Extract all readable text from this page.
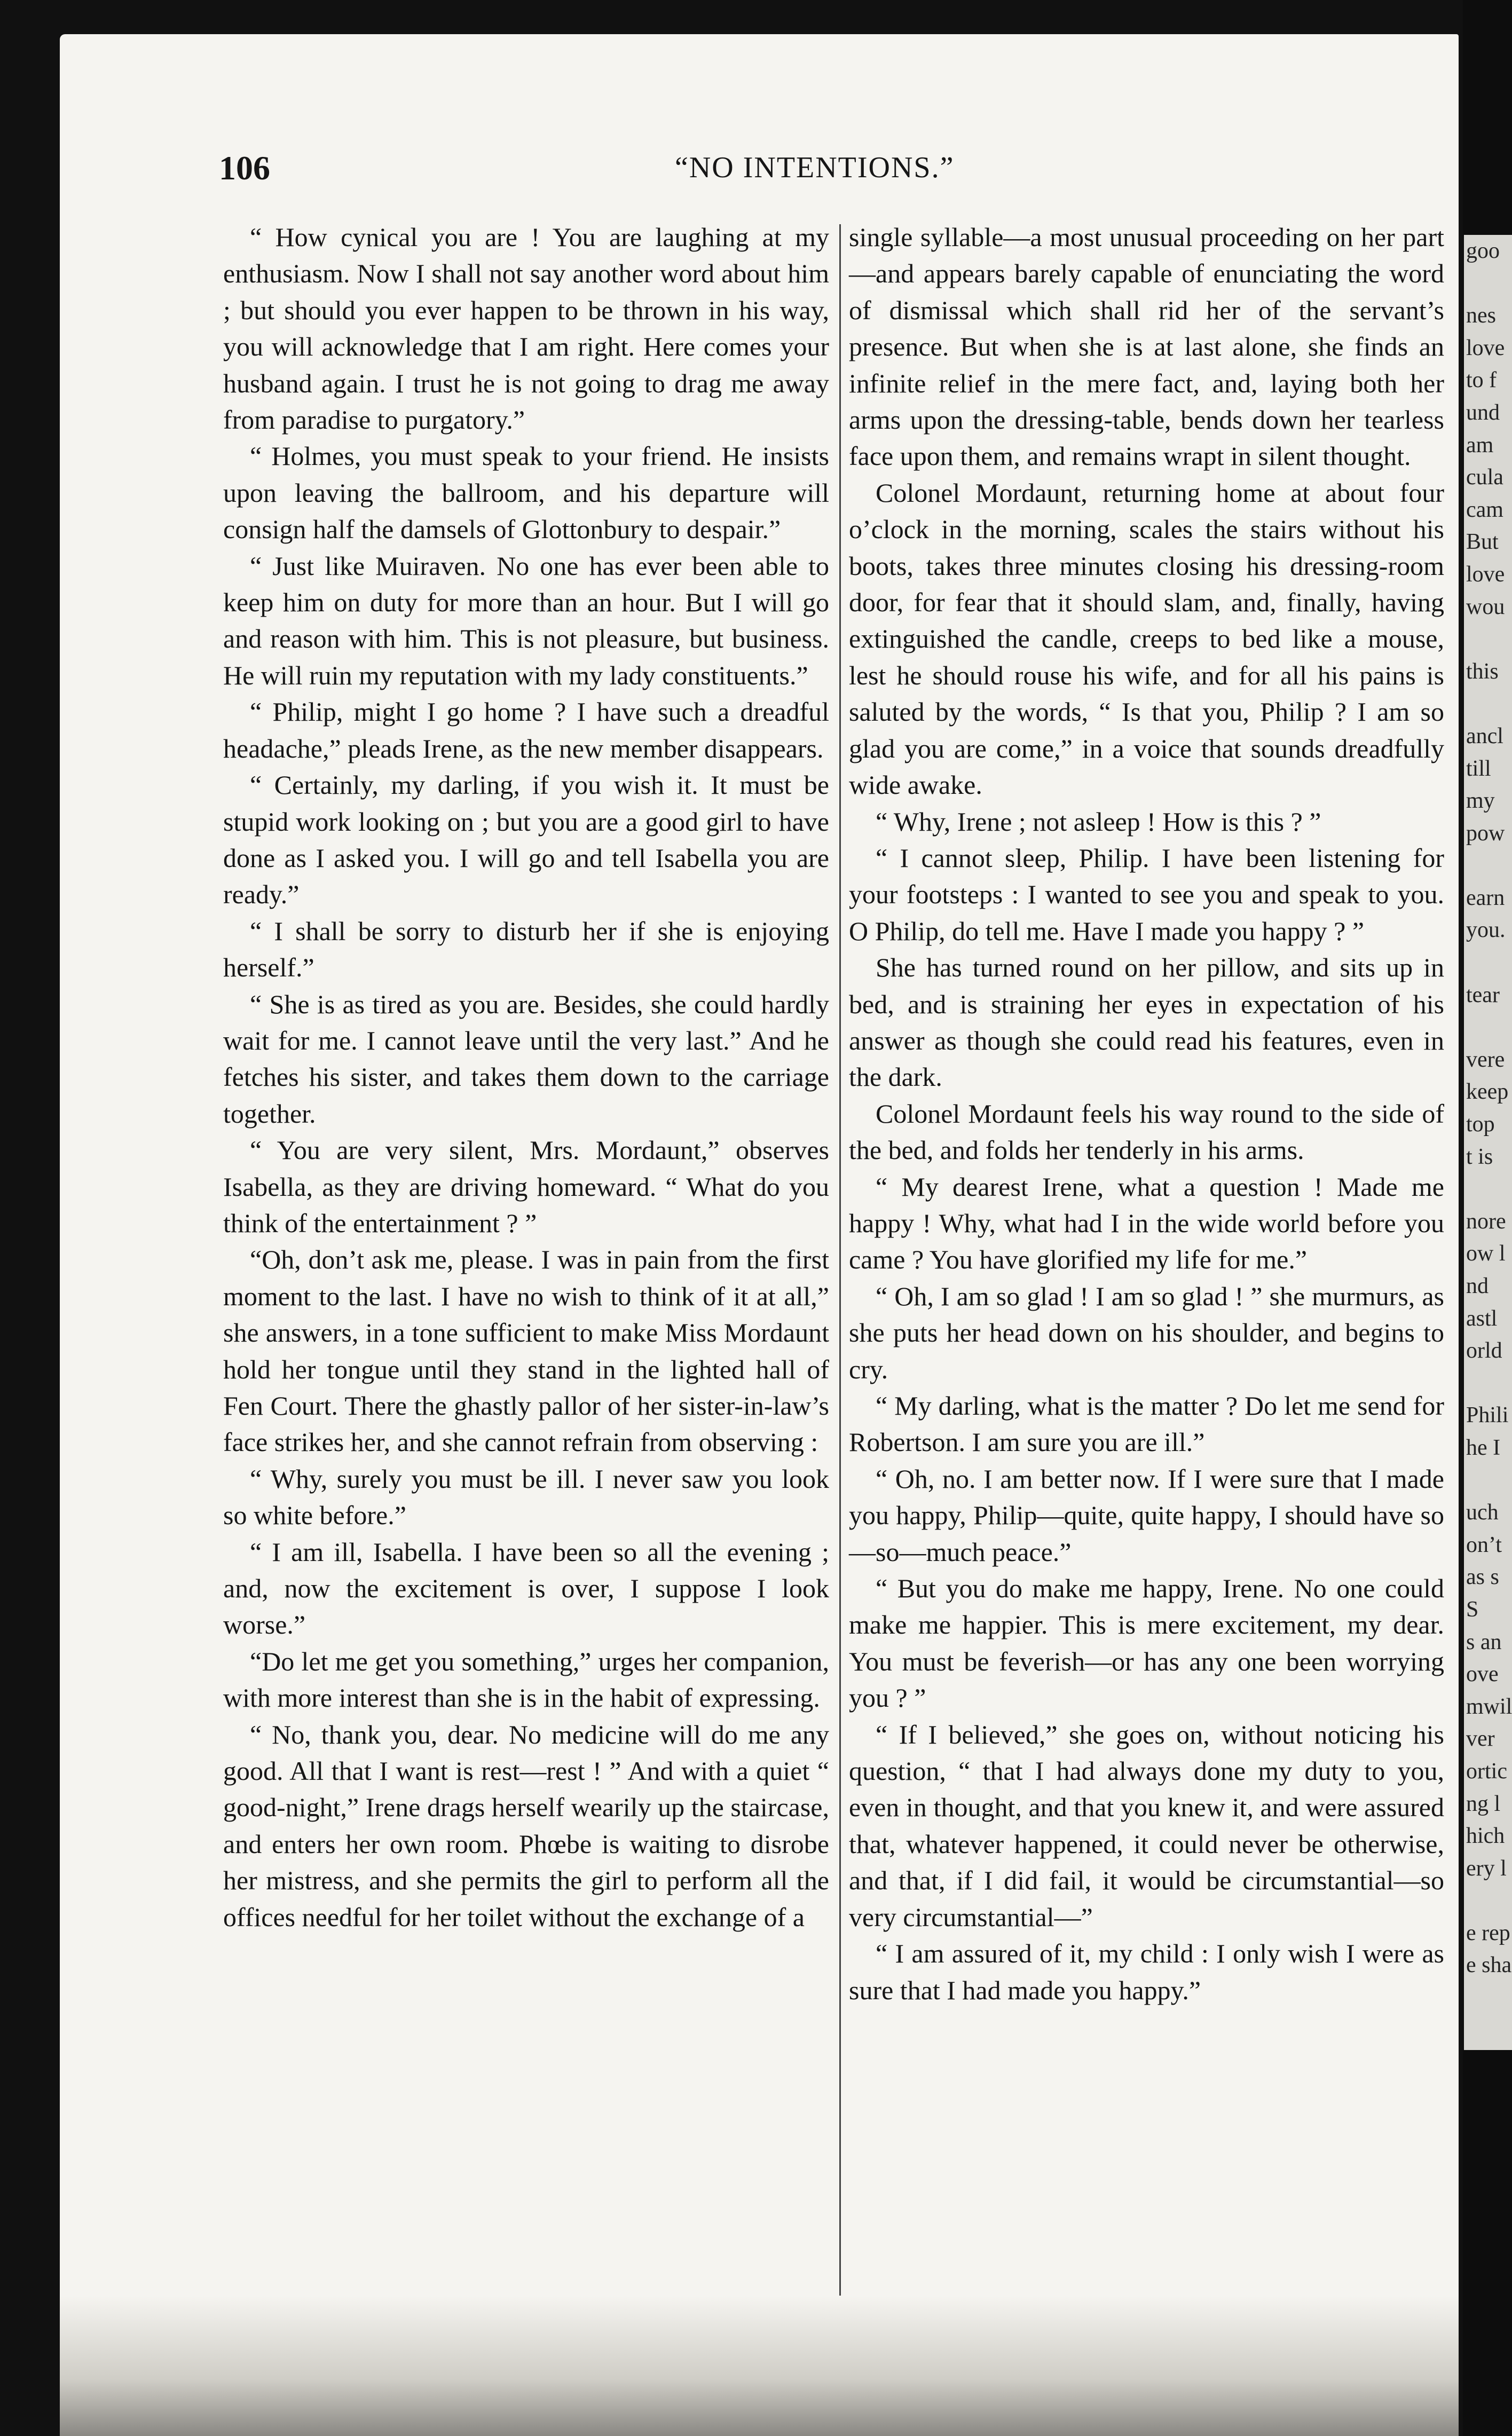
goo
nes
love
to f
und
am
cula
cam
But
love
wou
this
ancl
till
my
pow
earn
you.
tear
vere
keep
top
t is
nore
ow l
nd
astl
orld
Phili
he I
uch
on’t
as s
S
s an
ove
mwil
ver
ortic
ng l
hich
ery l
e rep
e sha
106	“NO INTENTIONS.”

“ How cynical you are ! You are laughing at my enthusiasm. Now I shall not say another word about him ; but should you ever happen to be thrown in his way, you will acknowledge that I am right. Here comes your husband again. I trust he is not going to drag me away from paradise to purgatory.”

“ Holmes, you must speak to your friend. He insists upon leaving the ballroom, and his departure will consign half the damsels of Glottonbury to despair.”

“ Just like Muiraven. No one has ever been able to keep him on duty for more than an hour. But I will go and reason with him. This is not pleasure, but business. He will ruin my reputation with my lady constituents.”

“ Philip, might I go home ? I have such a dreadful headache,” pleads Irene, as the new member disappears.

“ Certainly, my darling, if you wish it. It must be stupid work looking on ; but you are a good girl to have done as I asked you. I will go and tell Isabella you are ready.”

“ I shall be sorry to disturb her if she is enjoying herself.”

“ She is as tired as you are. Besides, she could hardly wait for me. I cannot leave until the very last.” And he fetches his sister, and takes them down to the carriage together.

“ You are very silent, Mrs. Mordaunt,” observes Isabella, as they are driving homeward. “ What do you think of the entertainment ? ”

“Oh, don’t ask me, please. I was in pain from the first moment to the last. I have no wish to think of it at all,” she answers, in a tone sufficient to make Miss Mordaunt hold her tongue until they stand in the lighted hall of Fen Court. There the ghastly pallor of her sister-in-law’s face strikes her, and she cannot refrain from observing :

“ Why, surely you must be ill. I never saw you look so white before.”

“ I am ill, Isabella. I have been so all the evening ; and, now the excitement is over, I suppose I look worse.”

“Do let me get you something,” urges her companion, with more interest than she is in the habit of expressing.

“ No, thank you, dear. No medicine will do me any good. All that I want is rest—rest ! ” And with a quiet “ good-night,” Irene drags herself wearily up the staircase, and enters her own room. Phœbe is waiting to disrobe her mistress, and she permits the girl to perform all the offices needful for her toilet without the exchange of a

single syllable—a most unusual proceeding on her part—and appears barely capable of enunciating the word of dismissal which shall rid her of the servant’s presence. But when she is at last alone, she finds an infinite relief in the mere fact, and, laying both her arms upon the dressing-table, bends down her tearless face upon them, and remains wrapt in silent thought.

Colonel Mordaunt, returning home at about four o’clock in the morning, scales the stairs without his boots, takes three minutes closing his dressing-room door, for fear that it should slam, and, finally, having extinguished the candle, creeps to bed like a mouse, lest he should rouse his wife, and for all his pains is saluted by the words, “ Is that you, Philip ? I am so glad you are come,” in a voice that sounds dreadfully wide awake.

“ Why, Irene ; not asleep ! How is this ? ”

“ I cannot sleep, Philip. I have been listening for your footsteps : I wanted to see you and speak to you. O Philip, do tell me. Have I made you happy ? ”

She has turned round on her pillow, and sits up in bed, and is straining her eyes in expectation of his answer as though she could read his features, even in the dark.

Colonel Mordaunt feels his way round to the side of the bed, and folds her tenderly in his arms.

“ My dearest Irene, what a question ! Made me happy ! Why, what had I in the wide world before you came ? You have glorified my life for me.”

“ Oh, I am so glad ! I am so glad ! ” she murmurs, as she puts her head down on his shoulder, and begins to cry.

“ My darling, what is the matter ? Do let me send for Robertson. I am sure you are ill.”

“ Oh, no. I am better now. If I were sure that I made you happy, Philip—quite, quite happy, I should have so—so—much peace.”

“ But you do make me happy, Irene. No one could make me happier. This is mere excitement, my dear. You must be feverish—or has any one been worrying you ? ”

“ If I believed,” she goes on, without noticing his question, “ that I had always done my duty to you, even in thought, and that you knew it, and were assured that, whatever happened, it could never be otherwise, and that, if I did fail, it would be circumstantial—so very circumstantial—”

“ I am assured of it, my child : I only wish I were as sure that I had made you happy.”
